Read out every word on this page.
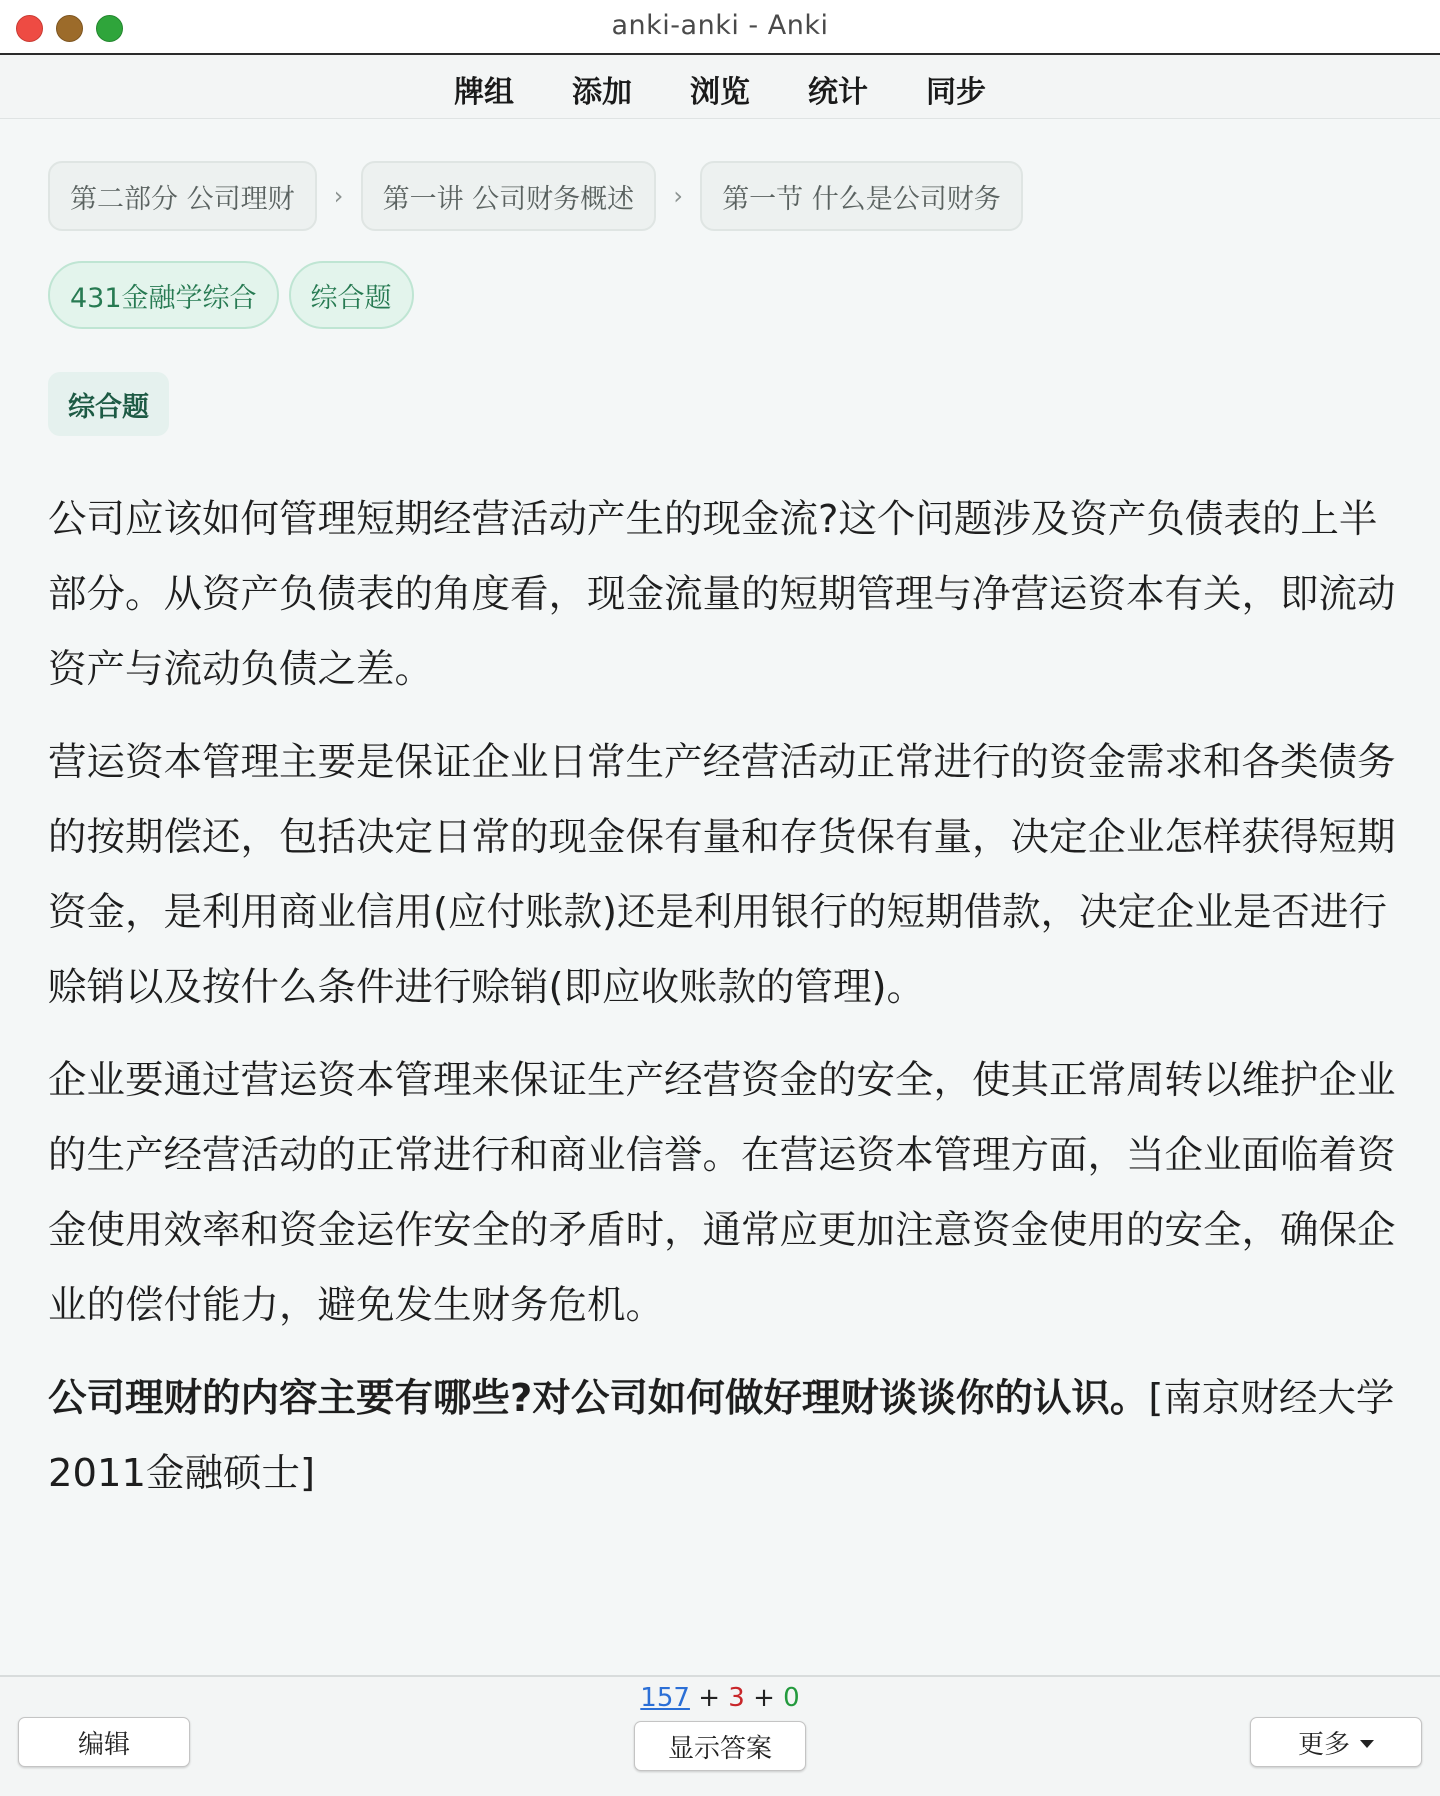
anki-anki - Anki
牌组 添加 浏览 统计 同步
第二部分 公司理财	›	第一讲 公司财务概述	›	第一节 什么是公司财务
431金融学综合	综合题
综合题

公司应该如何管理短期经营活动产生的现金流?这个问题涉及资产负债表的上半部分。从资产负债表的角度看，现金流量的短期管理与净营运资本有关，即流动资产与流动负债之差。

营运资本管理主要是保证企业日常生产经营活动正常进行的资金需求和各类债务的按期偿还，包括决定日常的现金保有量和存货保有量，决定企业怎样获得短期资金，是利用商业信用(应付账款)还是利用银行的短期借款，决定企业是否进行赊销以及按什么条件进行赊销(即应收账款的管理)。

企业要通过营运资本管理来保证生产经营资金的安全，使其正常周转以维护企业的生产经营活动的正常进行和商业信誉。在营运资本管理方面，当企业面临着资金使用效率和资金运作安全的矛盾时，通常应更加注意资金使用的安全，确保企业的偿付能力，避免发生财务危机。

公司理财的内容主要有哪些?对公司如何做好理财谈谈你的认识。[南京财经大学2011金融硕士]

编辑
157 + 3 + 0
显示答案	更多
